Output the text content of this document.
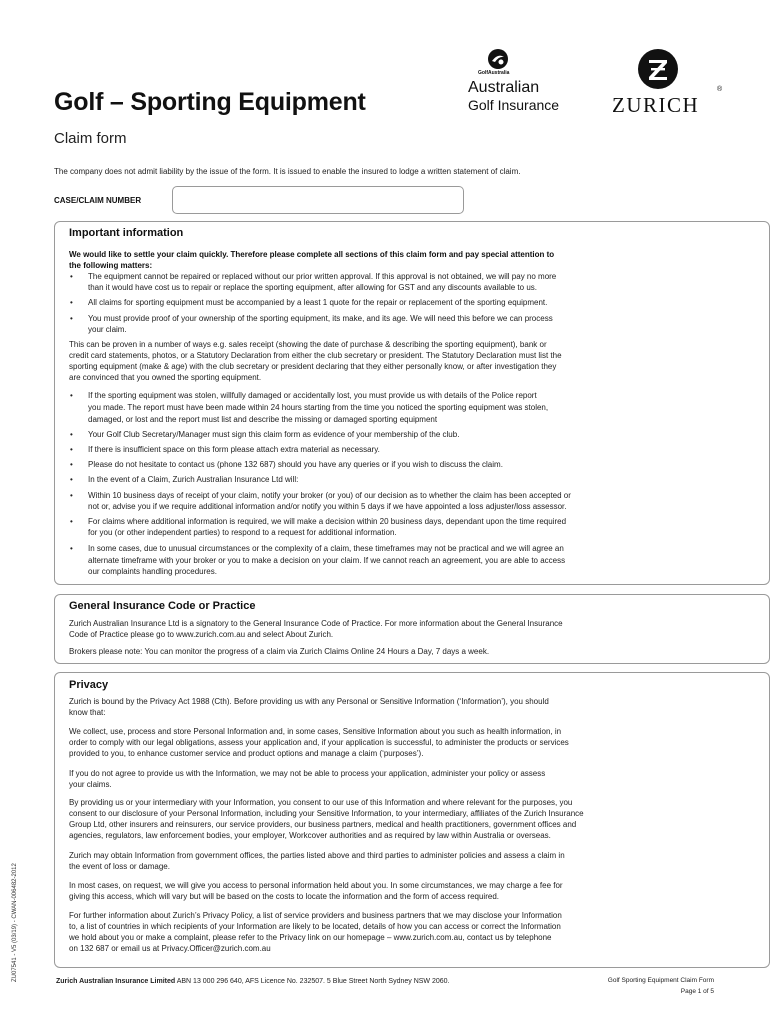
Golf – Sporting Equipment
Claim form
GolfAustralia
Australian
Golf Insurance	ZURICH
®
The company does not admit liability by the issue of the form. It is issued to enable the insured to lodge a written statement of claim.
CASE/CLAIM NUMBER
Important information
We would like to settle your claim quickly. Therefore please complete all sections of this claim form and pay special attention to
the following matters:
• The equipment cannot be repaired or replaced without our prior written approval. If this approval is not obtained, we will pay no more
than it would have cost us to repair or replace the sporting equipment, after allowing for GST and any discounts available to us.
• All claims for sporting equipment must be accompanied by a least 1 quote for the repair or replacement of the sporting equipment.
• You must provide proof of your ownership of the sporting equipment, its make, and its age. We will need this before we can process
your claim.
This can be proven in a number of ways e.g. sales receipt (showing the date of purchase & describing the sporting equipment), bank or
credit card statements, photos, or a Statutory Declaration from either the club secretary or president. The Statutory Declaration must list the
sporting equipment (make & age) with the club secretary or president declaring that they either personally know, or after investigation they
are convinced that you owned the sporting equipment.
• If the sporting equipment was stolen, willfully damaged or accidentally lost, you must provide us with details of the Police report
you made. The report must have been made within 24 hours starting from the time you noticed the sporting equipment was stolen,
damaged, or lost and the report must list and describe the missing or damaged sporting equipment
• Your Golf Club Secretary/Manager must sign this claim form as evidence of your membership of the club.
• If there is insufficient space on this form please attach extra material as necessary.
• Please do not hesitate to contact us (phone 132 687) should you have any queries or if you wish to discuss the claim.
• In the event of a Claim, Zurich Australian Insurance Ltd will:
• Within 10 business days of receipt of your claim, notify your broker (or you) of our decision as to whether the claim has been accepted or
not or, advise you if we require additional information and/or notify you within 5 days if we have appointed a loss adjuster/loss assessor.
• For claims where additional information is required, we will make a decision within 20 business days, dependant upon the time required
for you (or other independent parties) to respond to a request for additional information.
• In some cases, due to unusual circumstances or the complexity of a claim, these timeframes may not be practical and we will agree an
alternate timeframe with your broker or you to make a decision on your claim. If we cannot reach an agreement, you are able to access
our complaints handling procedures.
General Insurance Code or Practice
Zurich Australian Insurance Ltd is a signatory to the General Insurance Code of Practice. For more information about the General Insurance
Code of Practice please go to www.zurich.com.au and select About Zurich.
Brokers please note: You can monitor the progress of a claim via Zurich Claims Online 24 Hours a Day, 7 days a week.
Privacy
Zurich is bound by the Privacy Act 1988 (Cth). Before providing us with any Personal or Sensitive Information (‘Information’), you should
know that:
We collect, use, process and store Personal Information and, in some cases, Sensitive Information about you such as health information, in
order to comply with our legal obligations, assess your application and, if your application is successful, to administer the products or services
provided to you, to enhance customer service and product options and manage a claim (‘purposes’).
If you do not agree to provide us with the Information, we may not be able to process your application, administer your policy or assess
your claims.
By providing us or your intermediary with your Information, you consent to our use of this Information and where relevant for the purposes, you
consent to our disclosure of your Personal Information, including your Sensitive Information, to your intermediary, affiliates of the Zurich Insurance
Group Ltd, other insurers and reinsurers, our service providers, our business partners, medical and health practitioners, government offices and
agencies, regulators, law enforcement bodies, your employer, Workcover authorities and as required by law within Australia or overseas.
Zurich may obtain Information from government offices, the parties listed above and third parties to administer policies and assess a claim in
the event of loss or damage.
In most cases, on request, we will give you access to personal information held about you. In some circumstances, we may charge a fee for
giving this access, which will vary but will be based on the costs to locate the information and the form of access required.
For further information about Zurich’s Privacy Policy, a list of service providers and business partners that we may disclose your Information
to, a list of countries in which recipients of your Information are likely to be located, details of how you can access or correct the Information
we hold about you or make a complaint, please refer to the Privacy link on our homepage – www.zurich.com.au, contact us by telephone
on 132 687 or email us at Privacy.Officer@zurich.com.au
ZU07541 - V5 (03/19) - CWAN-006482-2012	Zurich Australian Insurance Limited ABN 13 000 296 640, AFS Licence No. 232507. 5 Blue Street North Sydney NSW 2060.	Golf Sporting Equipment Claim Form
Page 1 of 5
